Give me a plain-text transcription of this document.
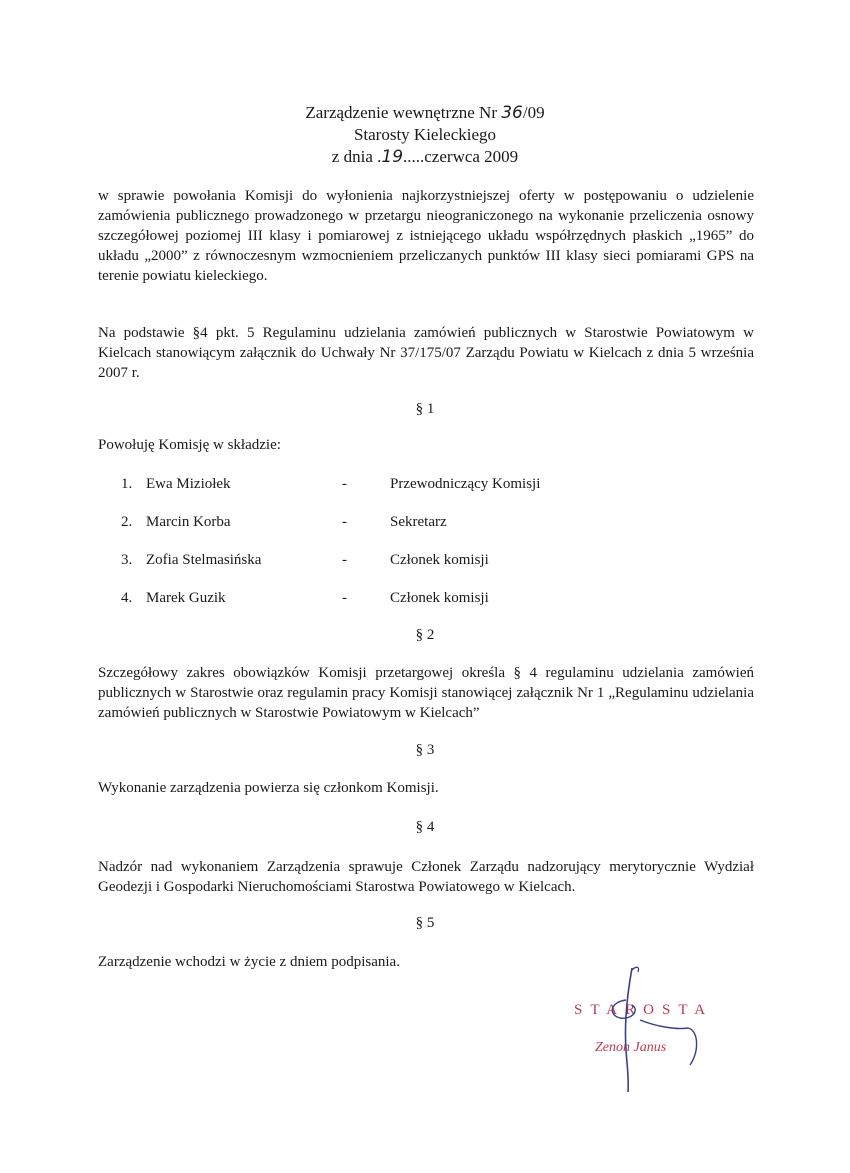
Zarządzenie wewnętrzne Nr 36/09
Starosty Kieleckiego
z dnia .19.....czerwca 2009

w sprawie powołania Komisji do wyłonienia najkorzystniejszej oferty w postępowaniu o udzielenie zamówienia publicznego prowadzonego w przetargu nieograniczonego na wykonanie przeliczenia osnowy szczegółowej poziomej III klasy i pomiarowej z istniejącego układu współrzędnych płaskich „1965” do układu „2000” z równoczesnym wzmocnieniem przeliczanych punktów III klasy sieci pomiarami GPS na terenie powiatu kieleckiego.

Na podstawie §4 pkt. 5 Regulaminu udzielania zamówień publicznych w Starostwie Powiatowym w Kielcach stanowiącym załącznik do Uchwały Nr 37/175/07 Zarządu Powiatu w Kielcach z dnia 5 września 2007 r.

§ 1
Powołuję Komisję w składzie:
1. Ewa Miziołek	-	Przewodniczący Komisji
2. Marcin Korba	-	Sekretarz
3. Zofia Stelmasińska	-	Członek komisji
4. Marek Guzik	-	Członek komisji
§ 2

Szczegółowy zakres obowiązków Komisji przetargowej określa § 4 regulaminu udzielania zamówień publicznych w Starostwie oraz regulamin pracy Komisji stanowiącej załącznik Nr 1 „Regulaminu udzielania zamówień publicznych w Starostwie Powiatowym w Kielcach”

§ 3
Wykonanie zarządzenia powierza się członkom Komisji.
§ 4

Nadzór nad wykonaniem Zarządzenia sprawuje Członek Zarządu nadzorujący merytorycznie Wydział Geodezji i Gospodarki Nieruchomościami Starostwa Powiatowego w Kielcach.

§ 5
Zarządzenie wchodzi w życie z dniem podpisania.
STAROSTA
Zenon Janus
